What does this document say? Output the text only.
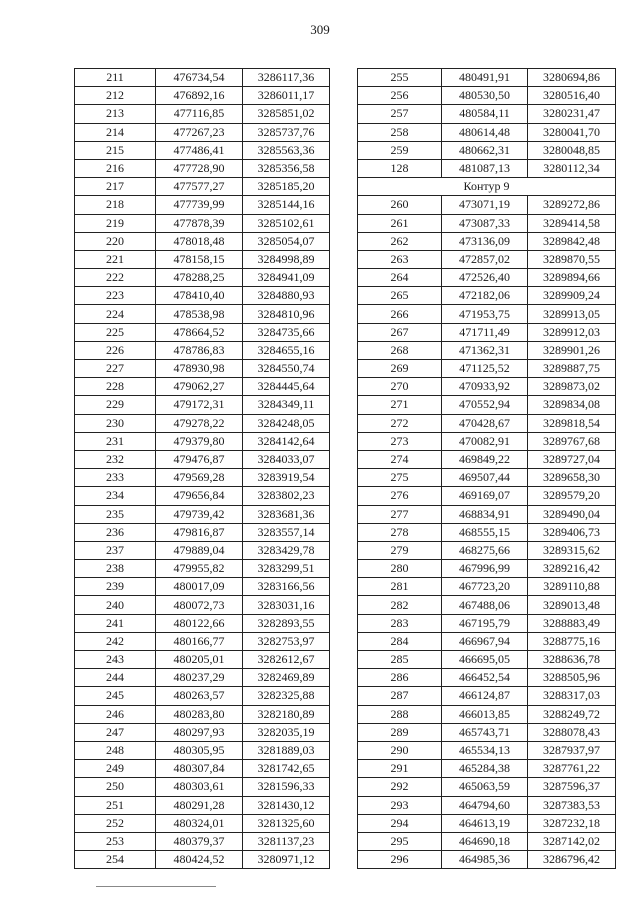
309
211	476734,54	3286117,36
212	476892,16	3286011,17
213	477116,85	3285851,02
214	477267,23	3285737,76
215	477486,41	3285563,36
216	477728,90	3285356,58
217	477577,27	3285185,20
218	477739,99	3285144,16
219	477878,39	3285102,61
220	478018,48	3285054,07
221	478158,15	3284998,89
222	478288,25	3284941,09
223	478410,40	3284880,93
224	478538,98	3284810,96
225	478664,52	3284735,66
226	478786,83	3284655,16
227	478930,98	3284550,74
228	479062,27	3284445,64
229	479172,31	3284349,11
230	479278,22	3284248,05
231	479379,80	3284142,64
232	479476,87	3284033,07
233	479569,28	3283919,54
234	479656,84	3283802,23
235	479739,42	3283681,36
236	479816,87	3283557,14
237	479889,04	3283429,78
238	479955,82	3283299,51
239	480017,09	3283166,56
240	480072,73	3283031,16
241	480122,66	3282893,55
242	480166,77	3282753,97
243	480205,01	3282612,67
244	480237,29	3282469,89
245	480263,57	3282325,88
246	480283,80	3282180,89
247	480297,93	3282035,19
248	480305,95	3281889,03
249	480307,84	3281742,65
250	480303,61	3281596,33
251	480291,28	3281430,12
252	480324,01	3281325,60
253	480379,37	3281137,23
254	480424,52	3280971,12
255	480491,91	3280694,86
256	480530,50	3280516,40
257	480584,11	3280231,47
258	480614,48	3280041,70
259	480662,31	3280048,85
128	481087,13	3280112,34
Контур 9		
260	473071,19	3289272,86
261	473087,33	3289414,58
262	473136,09	3289842,48
263	472857,02	3289870,55
264	472526,40	3289894,66
265	472182,06	3289909,24
266	471953,75	3289913,05
267	471711,49	3289912,03
268	471362,31	3289901,26
269	471125,52	3289887,75
270	470933,92	3289873,02
271	470552,94	3289834,08
272	470428,67	3289818,54
273	470082,91	3289767,68
274	469849,22	3289727,04
275	469507,44	3289658,30
276	469169,07	3289579,20
277	468834,91	3289490,04
278	468555,15	3289406,73
279	468275,66	3289315,62
280	467996,99	3289216,42
281	467723,20	3289110,88
282	467488,06	3289013,48
283	467195,79	3288883,49
284	466967,94	3288775,16
285	466695,05	3288636,78
286	466452,54	3288505,96
287	466124,87	3288317,03
288	466013,85	3288249,72
289	465743,71	3288078,43
290	465534,13	3287937,97
291	465284,38	3287761,22
292	465063,59	3287596,37
293	464794,60	3287383,53
294	464613,19	3287232,18
295	464690,18	3287142,02
296	464985,36	3286796,42
